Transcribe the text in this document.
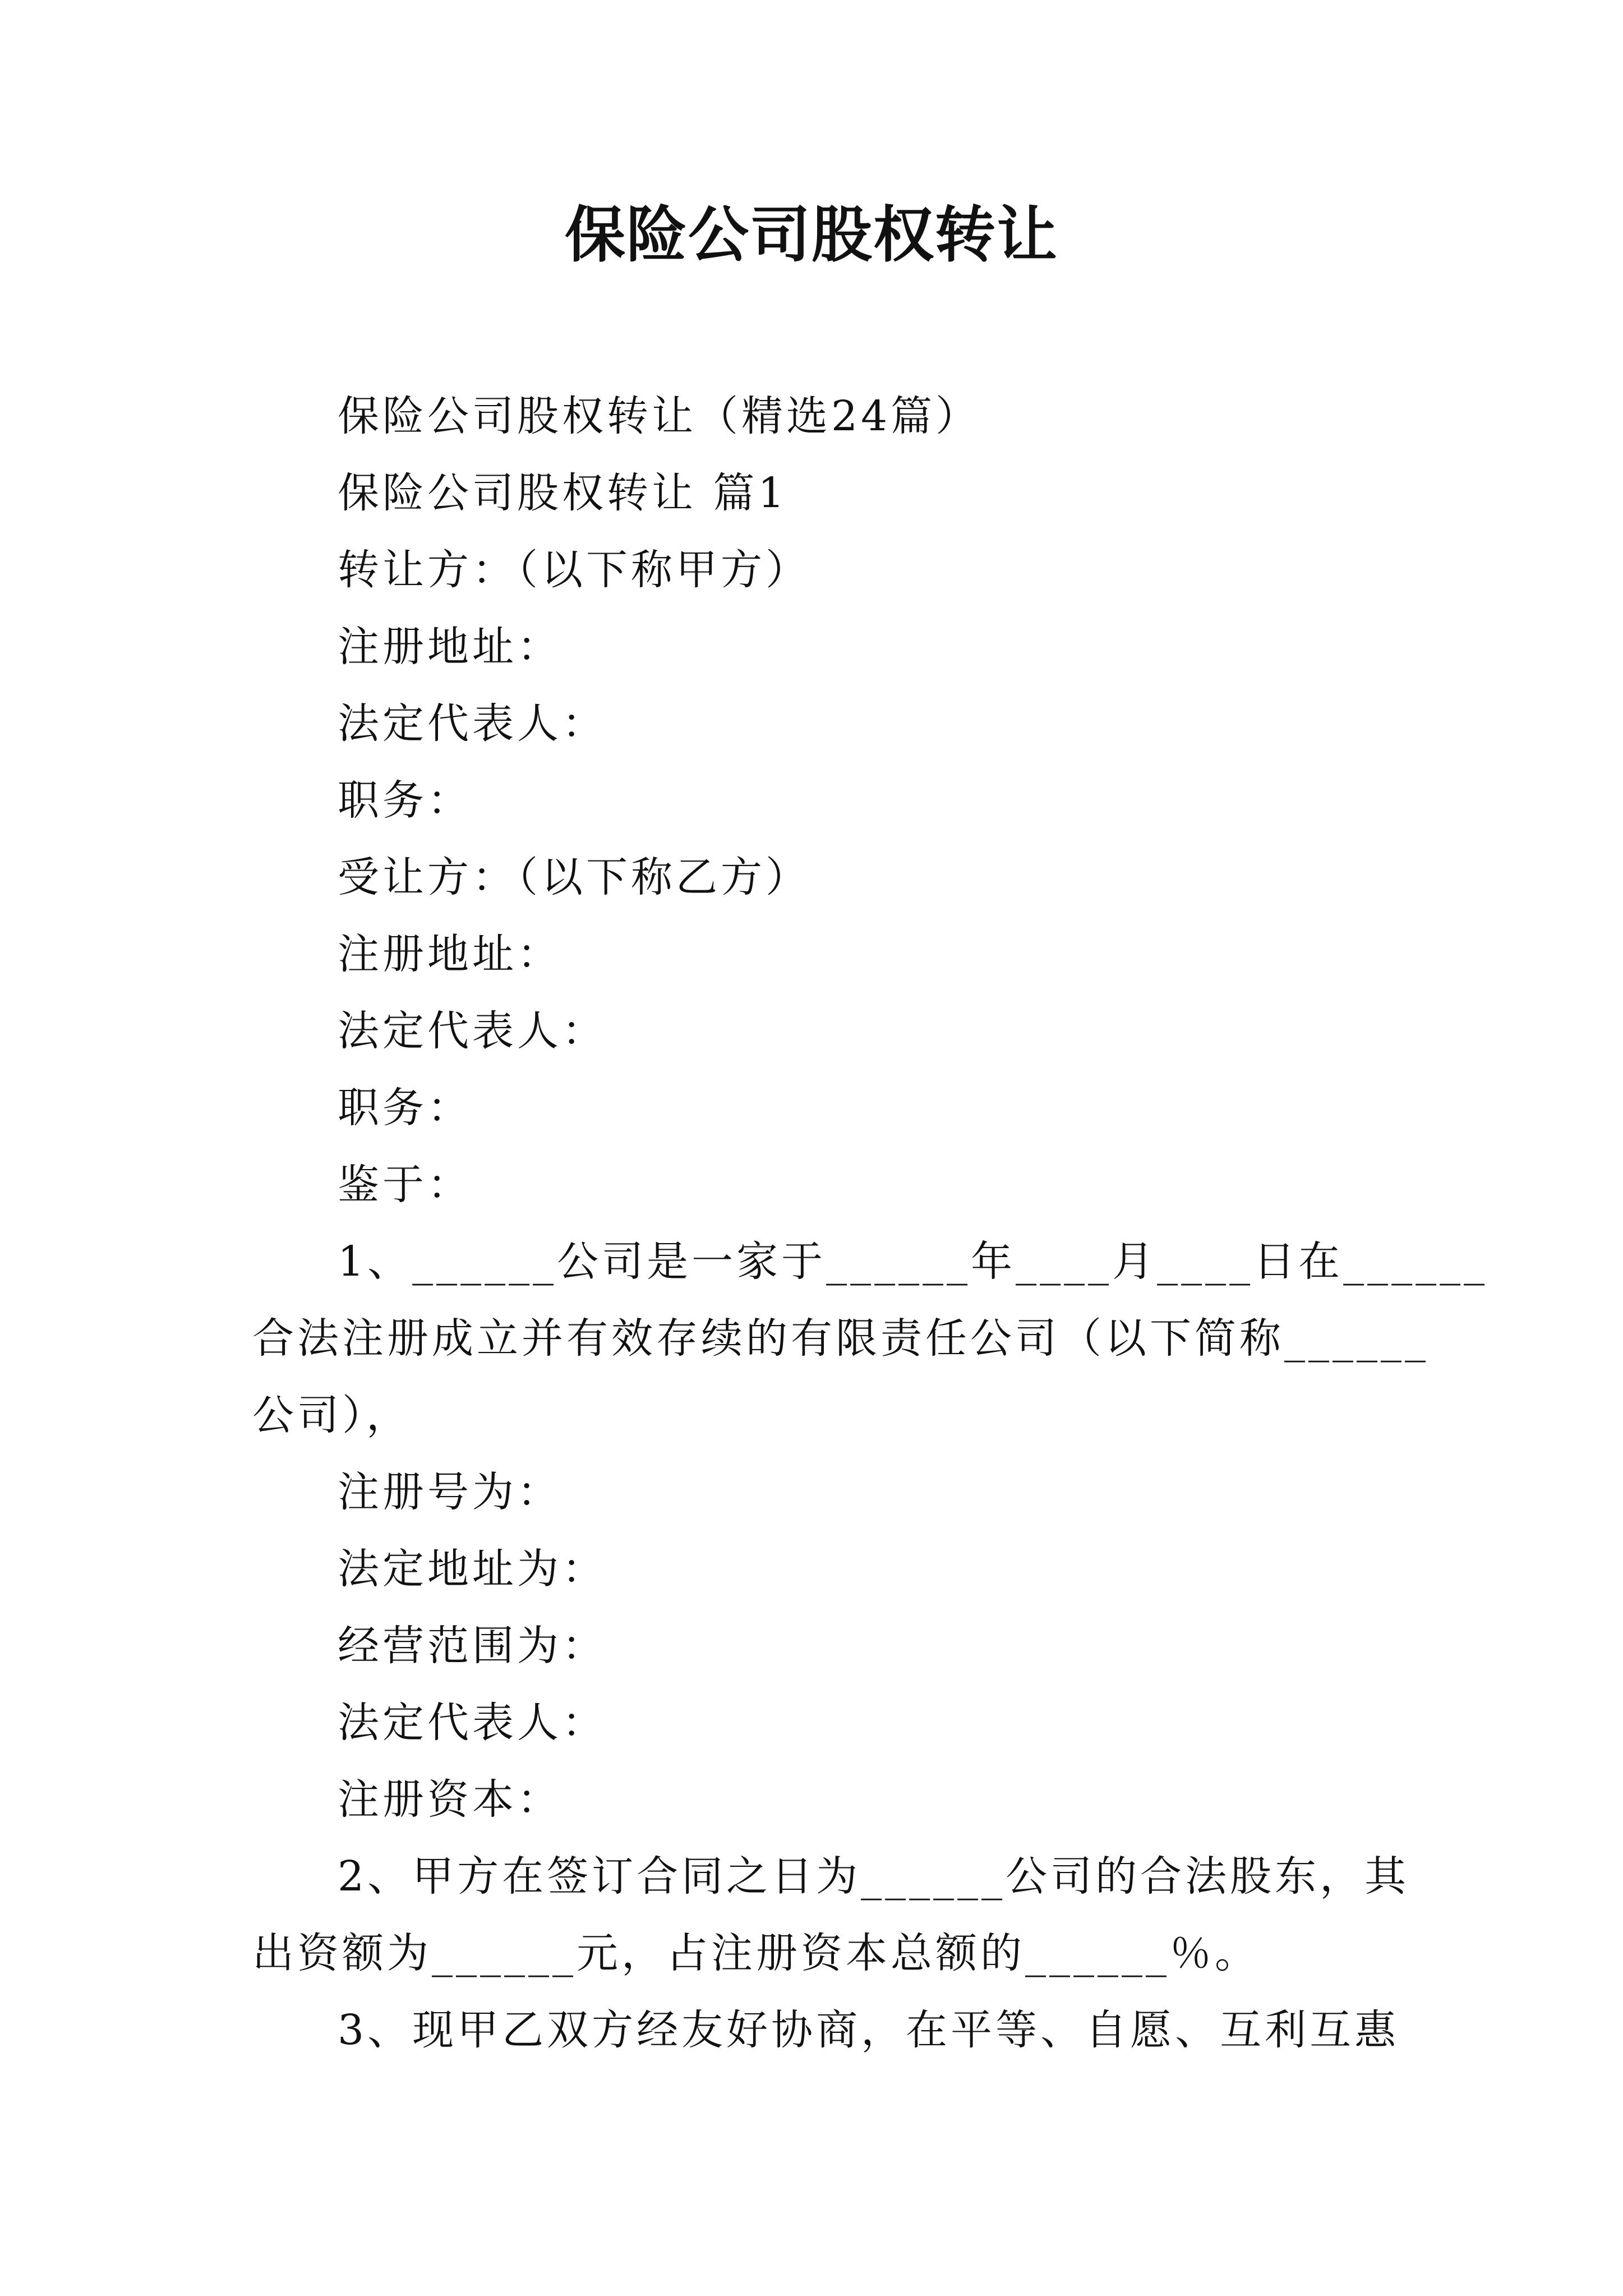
保险公司股权转让

保险公司股权转让（精选24篇）

保险公司股权转让 篇1

转让方：（以下称甲方）

注册地址：

法定代表人：

职务：

受让方：（以下称乙方）

注册地址：

法定代表人：

职务：

鉴于：

1、______公司是一家于______年____月____日在______

合法注册成立并有效存续的有限责任公司（以下简称______

公司），

注册号为：

法定地址为：

经营范围为：

法定代表人：

注册资本：

2、甲方在签订合同之日为______公司的合法股东，其

出资额为______元，占注册资本总额的______％。

3、现甲乙双方经友好协商，在平等、自愿、互利互惠
